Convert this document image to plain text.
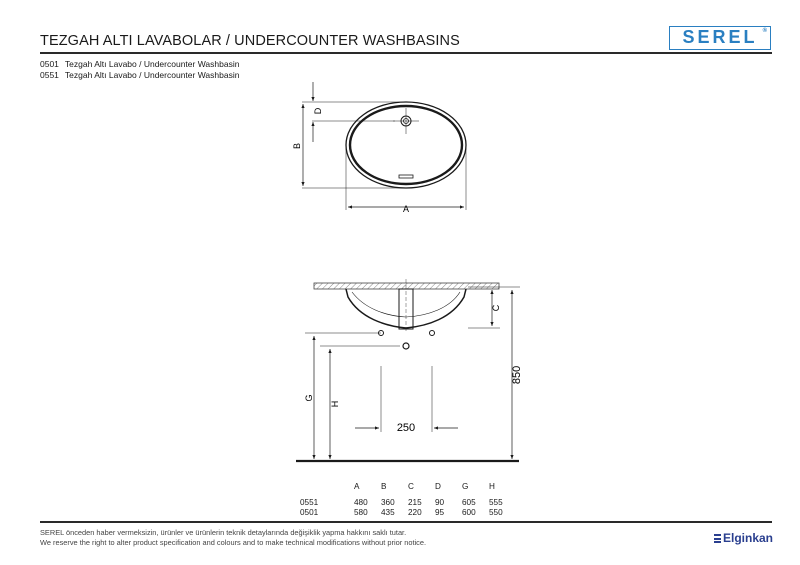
TEZGAH ALTI LAVABOLAR / UNDERCOUNTER WASHBASINS	SEREL ®
0501 Tezgah Altı Lavabo / Undercounter Washbasin
0551 Tezgah Altı Lavabo / Undercounter Washbasin
B
D
A
G
H
C
850
250
	A	B	C	D	G	H

0551	480	360	215	90	605	555
0501	580	435	220	95	600	550
SEREL önceden haber vermeksizin, ürünler ve ürünlerin teknik detaylarında değişiklik yapma hakkını saklı tutar.
We reserve the right to alter product specification and colours and to make technical modifications without prior notice.	Elginkan
